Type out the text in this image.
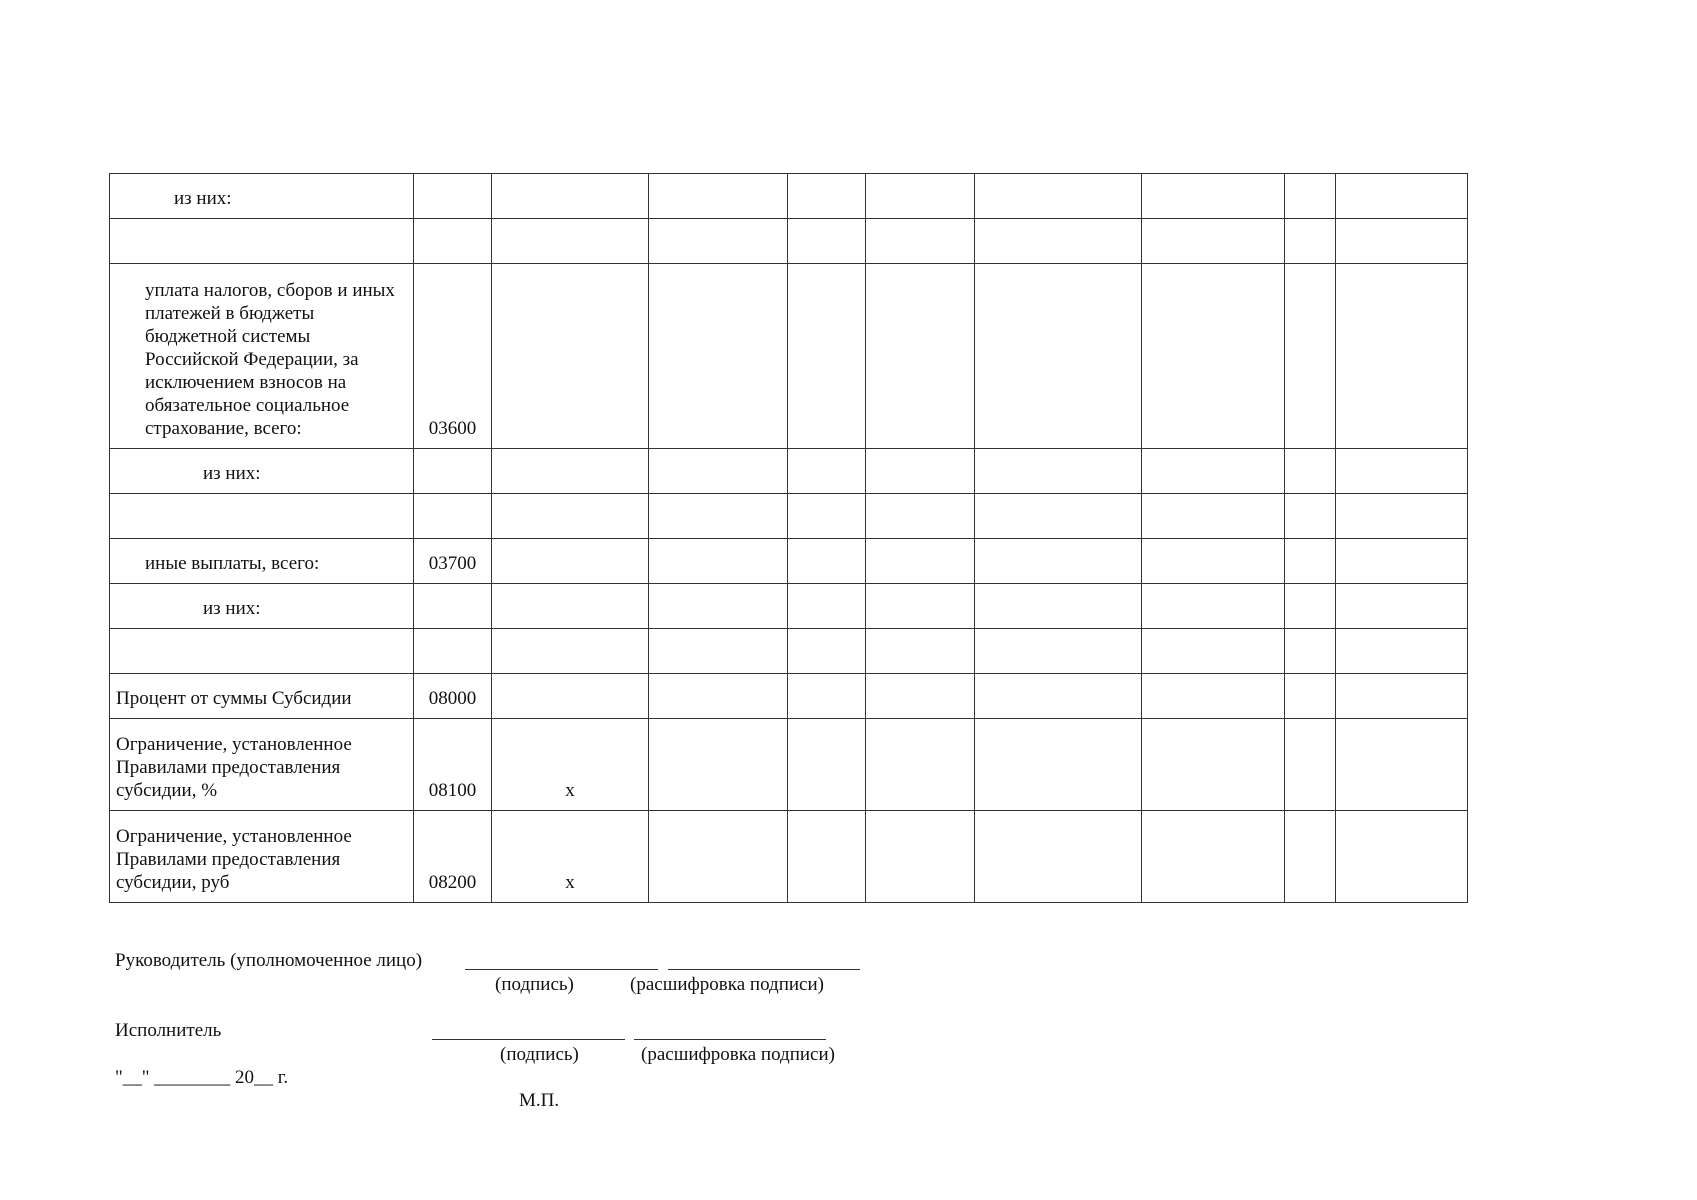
из них:									

уплата налогов, сборов и иных платежей в бюджеты бюджетной системы Российской Федерации, за исключением взносов на обязательное социальное страхование, всего:	03600								
из них:									

иные выплаты, всего:	03700								
из них:									

Процент от суммы Субсидии	08000								
Ограничение, установленное Правилами предоставления субсидии, %	08100	x							
Ограничение, установленное Правилами предоставления субсидии, руб	08200	x							
Руководитель (уполномоченное лицо)
(подпись)	(расшифровка подписи)
Исполнитель
(подпись)	(расшифровка подписи)
"__" ________ 20__ г.
М.П.
